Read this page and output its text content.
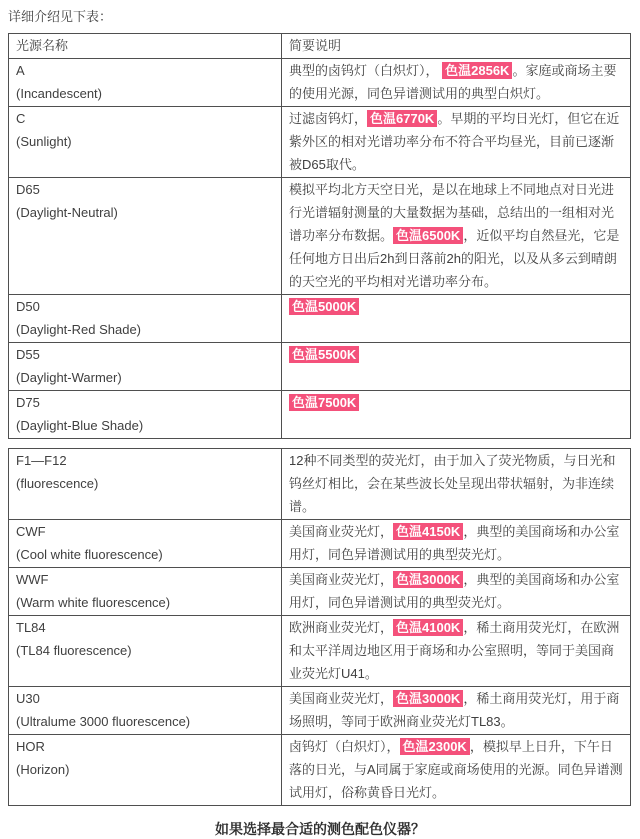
详细介绍见下表：

光源名称	简要说明

A
(Incandescent)	典型的卤钨灯（白炽灯）， 色温2856K 。家庭或商场主要的使用光源，同色异谱测试用的典型白炽灯。

C
(Sunlight)	过滤卤钨灯， 色温6770K 。早期的平均日光灯，但它在近紫外区的相对光谱功率分布不符合平均昼光，目前已逐渐被D65取代。

D65
(Daylight-Neutral)	模拟平均北方天空日光，是以在地球上不同地点对日光进行光谱辐射测量的大量数据为基础，总结出的一组相对光谱功率分布数据。 色温6500K ，近似平均自然昼光，它是任何地方日出后2h到日落前2h的阳光，以及从多云到晴朗的天空光的平均相对光谱功率分布。

D50
(Daylight-Red Shade)	色温5000K

D55
(Daylight-Warmer)	色温5500K

D75
(Daylight-Blue Shade)	色温7500K
F1—F12
(fluorescence)	12种不同类型的荧光灯，由于加入了荧光物质，与日光和钨丝灯相比，会在某些波长处呈现出带状辐射，为非连续谱。

CWF
(Cool white fluorescence)	美国商业荧光灯， 色温4150K ，典型的美国商场和办公室用灯，同色异谱测试用的典型荧光灯。

WWF
(Warm white fluorescence)	美国商业荧光灯， 色温3000K ，典型的美国商场和办公室用灯，同色异谱测试用的典型荧光灯。

TL84
(TL84 fluorescence)	欧洲商业荧光灯， 色温4100K ，稀土商用荧光灯，在欧洲和太平洋周边地区用于商场和办公室照明，等同于美国商业荧光灯U41。

U30
(Ultralume 3000 fluorescence)	美国商业荧光灯， 色温3000K ，稀土商用荧光灯，用于商场照明，等同于欧洲商业荧光灯TL83。

HOR
(Horizon)	卤钨灯（白炽灯）， 色温2300K ，模拟早上日升，下午日落的日光，与A同属于家庭或商场使用的光源。同色异谱测试用灯，俗称黄昏日光灯。

如果选择最合适的测色配色仪器？
